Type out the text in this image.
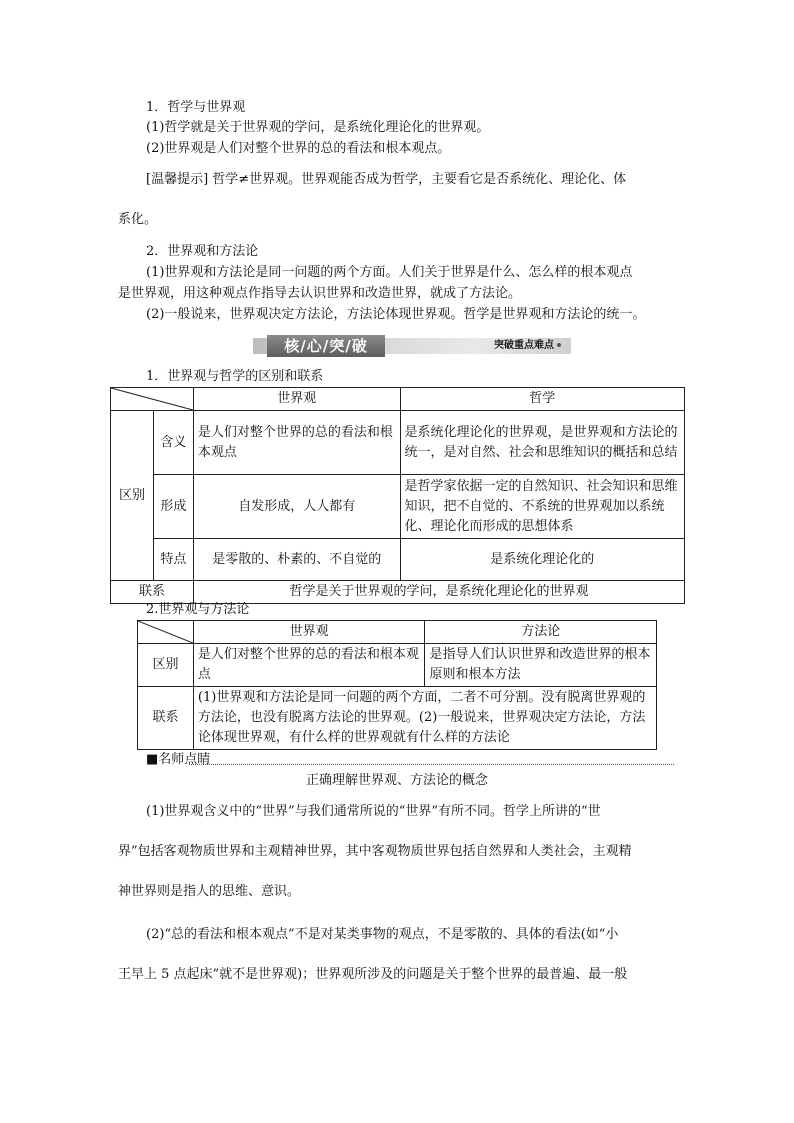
1．哲学与世界观
(1)哲学就是关于世界观的学问，是系统化理论化的世界观。
(2)世界观是人们对整个世界的总的看法和根本观点。
[温馨提示] 哲学≠世界观。世界观能否成为哲学，主要看它是否系统化、理论化、体
系化。
2．世界观和方法论
(1)世界观和方法论是同一问题的两个方面。人们关于世界是什么、怎么样的根本观点
是世界观，用这种观点作指导去认识世界和改造世界，就成了方法论。
(2)一般说来，世界观决定方法论，方法论体现世界观。哲学是世界观和方法论的统一。
核/心/突/破	突破重点难点
1．世界观与哲学的区别和联系
	世界观	哲学
区别	含义	是人们对整个世界的总的看法和根本观点	是系统化理论化的世界观，是世界观和方法论的统一，是对自然、社会和思维知识的概括和总结
	形成	自发形成，人人都有	是哲学家依据一定的自然知识、社会知识和思维知识，把不自觉的、不系统的世界观加以系统化、理论化而形成的思想体系
	特点	是零散的、朴素的、不自觉的	是系统化理论化的
联系		哲学是关于世界观的学问，是系统化理论化的世界观	
2.世界观与方法论
	世界观	方法论
区别	是人们对整个世界的总的看法和根本观点	是指导人们认识世界和改造世界的根本原则和根本方法
联系	(1)世界观和方法论是同一问题的两个方面，二者不可分割。没有脱离世界观的方法论，也没有脱离方法论的世界观。(2)一般说来，世界观决定方法论，方法论体现世界观，有什么样的世界观就有什么样的方法论	
■名师点睛
正确理解世界观、方法论的概念
(1)世界观含义中的“世界”与我们通常所说的“世界”有所不同。哲学上所讲的“世
界”包括客观物质世界和主观精神世界，其中客观物质世界包括自然界和人类社会，主观精
神世界则是指人的思维、意识。
(2)“总的看法和根本观点”不是对某类事物的观点，不是零散的、具体的看法(如“小
王早上 5 点起床”就不是世界观)；世界观所涉及的问题是关于整个世界的最普遍、最一般
